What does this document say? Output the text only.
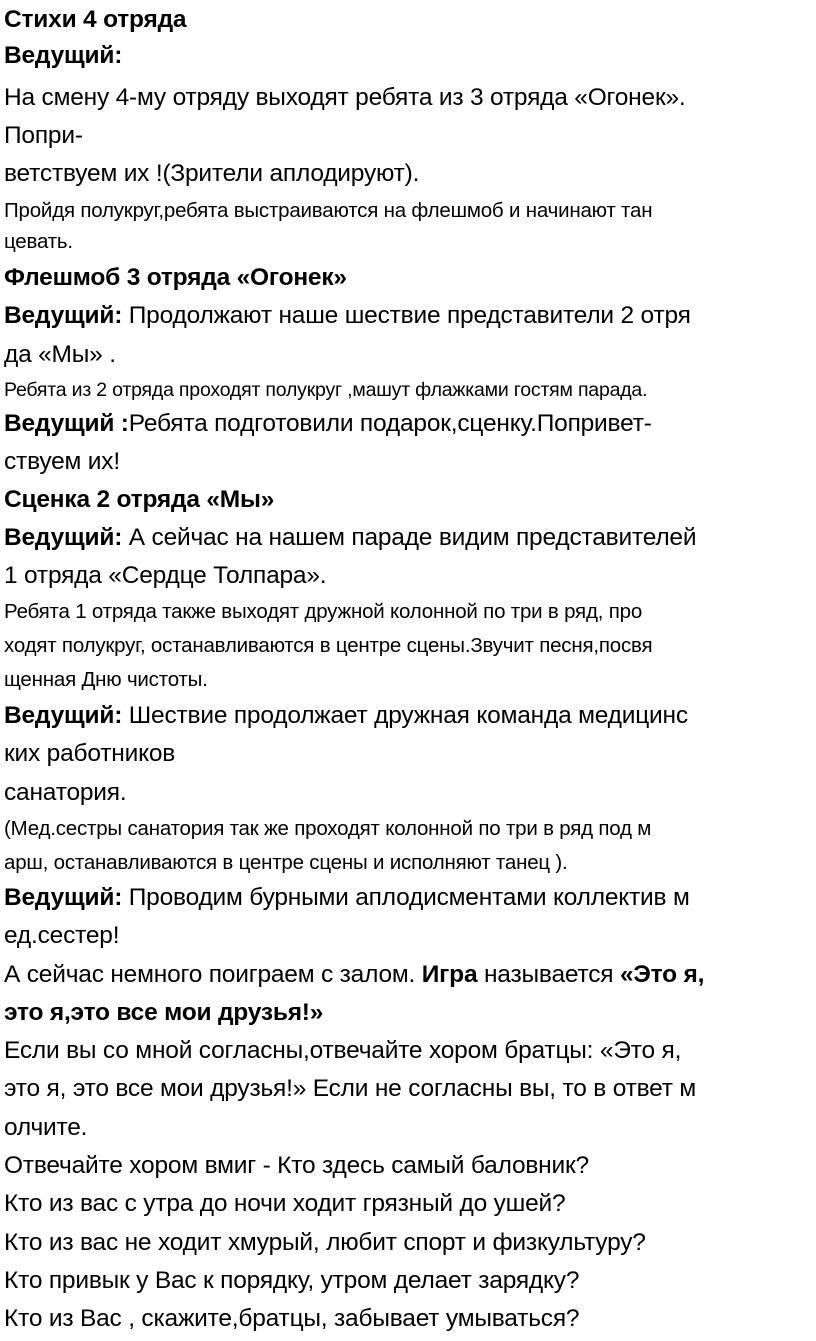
Стихи 4 отряда
Ведущий:
На смену 4-му отряду выходят ребята из 3 отряда «Огонек».
Попри-
ветствуем их !(Зрители аплодируют).
Пройдя полукруг,ребята выстраиваются на флешмоб и начинают тан
цевать.
Флешмоб 3 отряда «Огонек»
Ведущий: Продолжают наше шествие представители 2 отря
да «Мы» .
Ребята из 2 отряда проходят полукруг ,машут флажками гостям парада.
Ведущий :Ребята подготовили подарок,сценку.Попривет-
ствуем их!
Сценка 2 отряда «Мы»
Ведущий: А сейчас на нашем параде видим представителей
1 отряда «Сердце Толпара».
Ребята 1 отряда также выходят дружной колонной по три в ряд, про
ходят полукруг, останавливаются в центре сцены.Звучит песня,посвя
щенная Дню чистоты.
Ведущий: Шествие продолжает дружная команда медицинс
ких работников
санатория.
(Мед.сестры санатория так же проходят колонной по три в ряд под м
арш, останавливаются в центре сцены и исполняют танец ).
Ведущий: Проводим бурными аплодисментами коллектив м
ед.сестер!
А сейчас немного поиграем с залом. Игра называется «Это я,
это я,это все мои друзья!»
Если вы со мной согласны,отвечайте хором братцы: «Это я,
это я, это все мои друзья!» Если не согласны вы, то в ответ м
олчите.
Отвечайте хором вмиг - Кто здесь самый баловник?
Кто из вас с утра до ночи ходит грязный до ушей?
Кто из вас не ходит хмурый, любит спорт и физкультуру?
Кто привык у Вас к порядку, утром делает зарядку?
Кто из Вас , скажите,братцы, забывает умываться?
